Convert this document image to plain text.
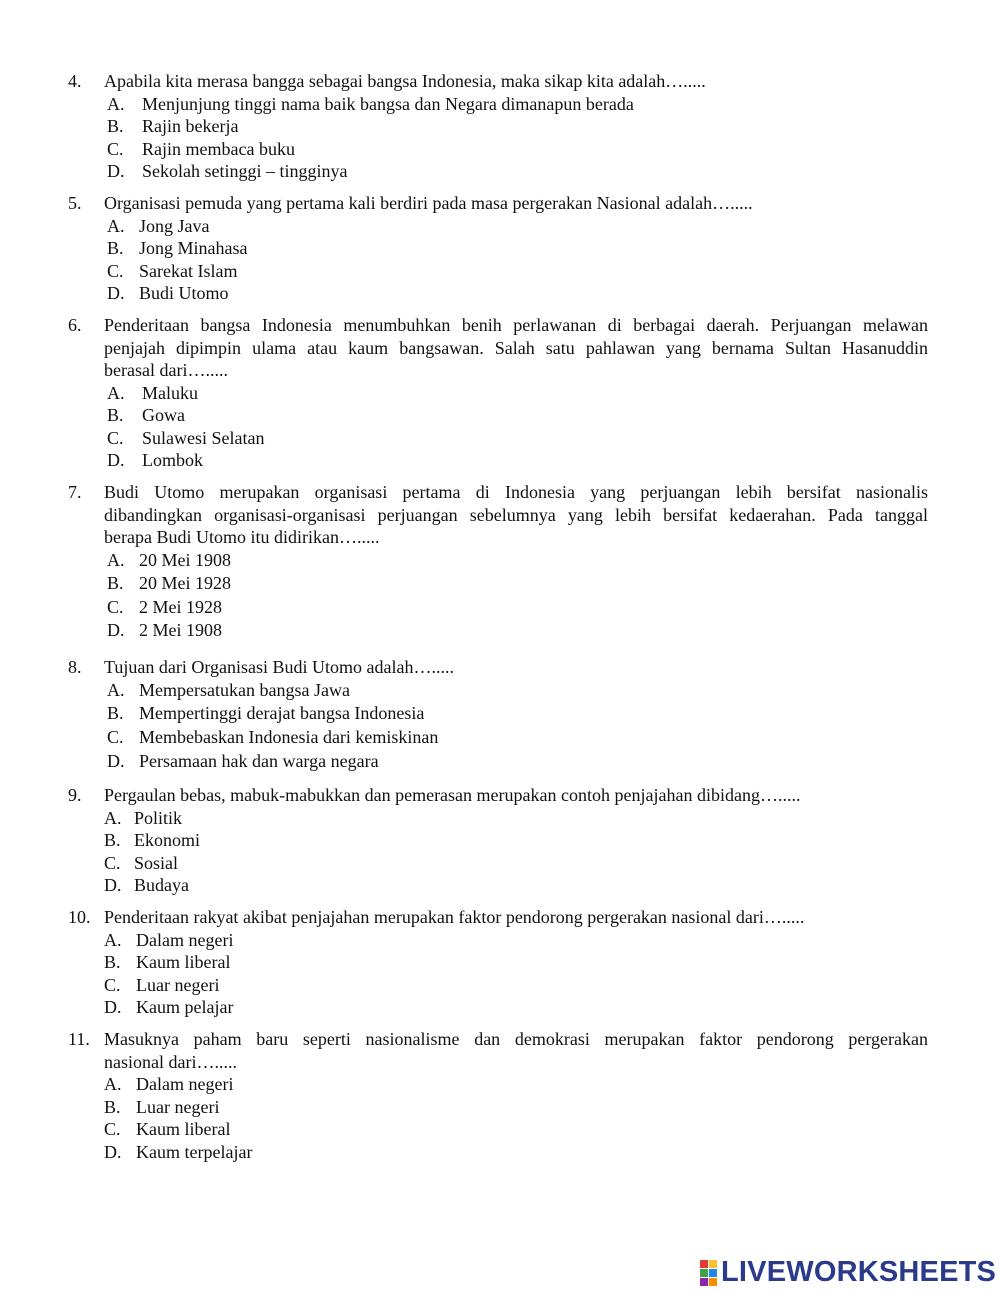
4. Apabila kita merasa bangga sebagai bangsa Indonesia, maka sikap kita adalah….....
A. Menjunjung tinggi nama baik bangsa dan Negara dimanapun berada
B. Rajin bekerja
C. Rajin membaca buku
D. Sekolah setinggi – tingginya
5. Organisasi pemuda yang pertama kali berdiri pada masa pergerakan Nasional adalah….....
A. Jong Java
B. Jong Minahasa
C. Sarekat Islam
D. Budi Utomo
6. Penderitaan bangsa Indonesia menumbuhkan benih perlawanan di berbagai daerah. Perjuangan melawan
penjajah dipimpin ulama atau kaum bangsawan. Salah satu pahlawan yang bernama Sultan Hasanuddin
berasal dari….....
A. Maluku
B. Gowa
C. Sulawesi Selatan
D. Lombok
7. Budi Utomo merupakan organisasi pertama di Indonesia yang perjuangan lebih bersifat nasionalis
dibandingkan organisasi-organisasi perjuangan sebelumnya yang lebih bersifat kedaerahan. Pada tanggal
berapa Budi Utomo itu didirikan….....
A. 20 Mei 1908
B. 20 Mei 1928
C. 2 Mei 1928
D. 2 Mei 1908
8. Tujuan dari Organisasi Budi Utomo adalah….....
A. Mempersatukan bangsa Jawa
B. Mempertinggi derajat bangsa Indonesia
C. Membebaskan Indonesia dari kemiskinan
D. Persamaan hak dan warga negara
9. Pergaulan bebas, mabuk-mabukkan dan pemerasan merupakan contoh penjajahan dibidang….....
A. Politik
B. Ekonomi
C. Sosial
D. Budaya
10. Penderitaan rakyat akibat penjajahan merupakan faktor pendorong pergerakan nasional dari….....
A. Dalam negeri
B. Kaum liberal
C. Luar negeri
D. Kaum pelajar
11. Masuknya paham baru seperti nasionalisme dan demokrasi merupakan faktor pendorong pergerakan
nasional dari….....
A. Dalam negeri
B. Luar negeri
C. Kaum liberal
D. Kaum terpelajar
LIVEWORKSHEETS
